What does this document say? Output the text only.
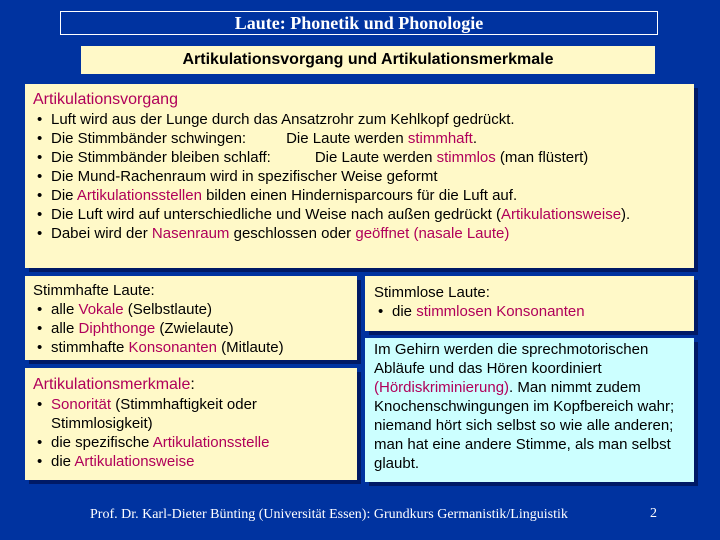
Laute: Phonetik und Phonologie
Artikulationsvorgang und Artikulationsmerkmale
Artikulationsvorgang
• Luft wird aus der Lunge durch das Ansatzrohr zum Kehlkopf gedrückt.
• Die Stimmbänder schwingen:	Die Laute werden stimmhaft.
• Die Stimmbänder bleiben schlaff:	Die Laute werden stimmlos (man flüstert)
• Die Mund-Rachenraum wird in spezifischer Weise geformt
• Die Artikulationsstellen bilden einen Hindernisparcours für die Luft auf.
• Die Luft wird auf unterschiedliche und Weise nach außen gedrückt (Artikulationsweise).
• Dabei wird der Nasenraum geschlossen oder geöffnet (nasale Laute)
Stimmhafte Laute:
• alle Vokale (Selbstlaute)
• alle Diphthonge (Zwielaute)
• stimmhafte Konsonanten (Mitlaute)
Artikulationsmerkmale:
• Sonorität (Stimmhaftigkeit oder Stimmlosigkeit)
• die spezifische Artikulationsstelle
• die Artikulationsweise
Stimmlose Laute:
• die stimmlosen Konsonanten
Im Gehirn werden die sprechmotorischen Abläufe und das Hören koordiniert (Hördiskriminierung). Man nimmt zudem Knochenschwingungen im Kopfbereich wahr; niemand hört sich selbst so wie alle anderen; man hat eine andere Stimme, als man selbst glaubt.
Prof. Dr. Karl-Dieter Bünting (Universität Essen): Grundkurs Germanistik/Linguistik	2
